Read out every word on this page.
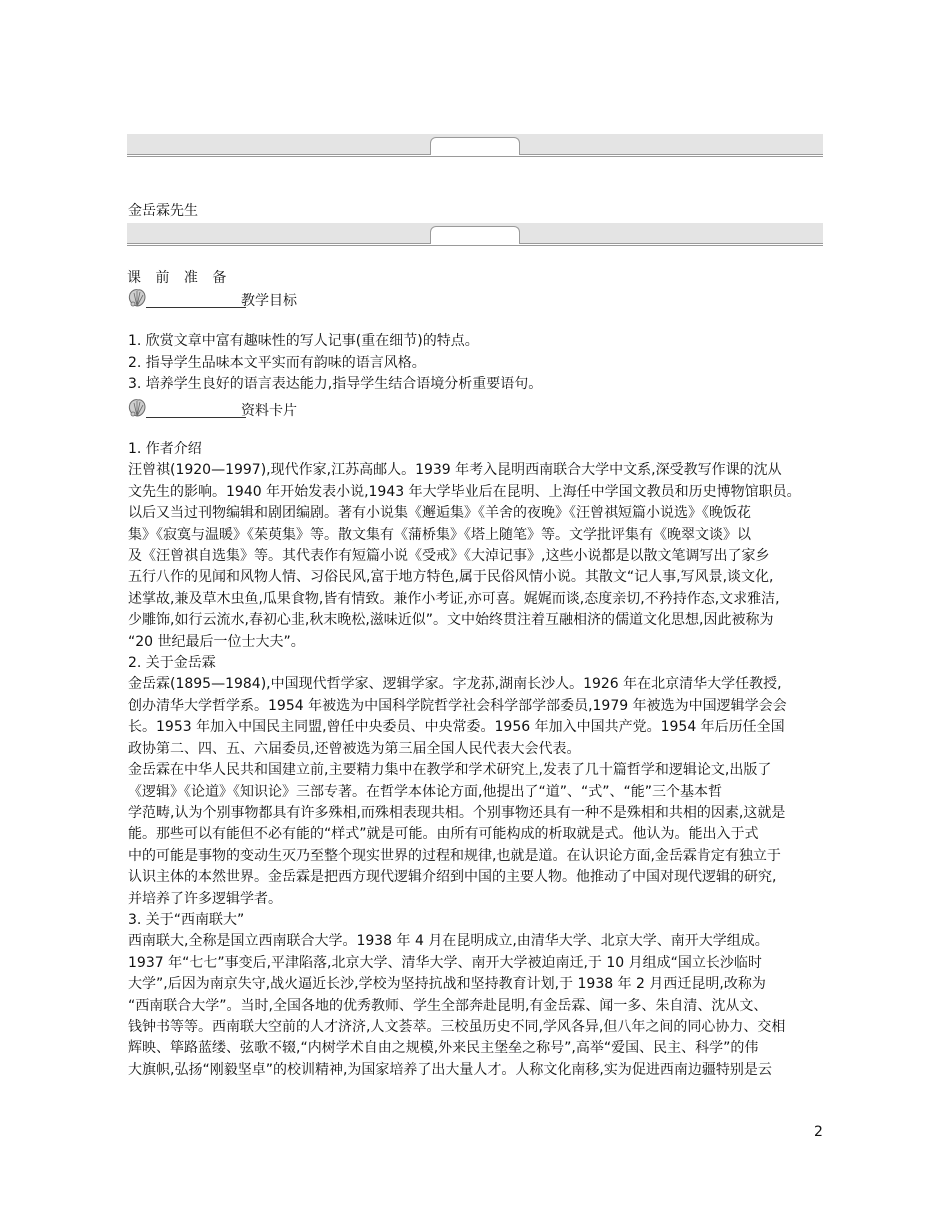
金岳霖先生
课 前 准 备
教学目标
1. 欣赏文章中富有趣味性的写人记事(重在细节)的特点。
2. 指导学生品味本文平实而有韵味的语言风格。
3. 培养学生良好的语言表达能力,指导学生结合语境分析重要语句。
资料卡片
1. 作者介绍
汪曾祺(1920—1997),现代作家,江苏高邮人。1939 年考入昆明西南联合大学中文系,深受教写作课的沈从
文先生的影响。1940 年开始发表小说,1943 年大学毕业后在昆明、上海任中学国文教员和历史博物馆职员。
以后又当过刊物编辑和剧团编剧。著有小说集《邂逅集》《羊舍的夜晚》《汪曾祺短篇小说选》《晚饭花
集》《寂寞与温暖》《茱萸集》等。散文集有《蒲桥集》《塔上随笔》等。文学批评集有《晚翠文谈》以
及《汪曾祺自选集》等。其代表作有短篇小说《受戒》《大淖记事》,这些小说都是以散文笔调写出了家乡
五行八作的见闻和风物人情、习俗民风,富于地方特色,属于民俗风情小说。其散文“记人事,写风景,谈文化,
述掌故,兼及草木虫鱼,瓜果食物,皆有情致。兼作小考证,亦可喜。娓娓而谈,态度亲切,不矜持作态,文求雅洁,
少雕饰,如行云流水,春初心韭,秋末晚松,滋味近似”。文中始终贯注着互融相济的儒道文化思想,因此被称为
“20 世纪最后一位士大夫”。
2. 关于金岳霖
金岳霖(1895—1984),中国现代哲学家、逻辑学家。字龙荪,湖南长沙人。1926 年在北京清华大学任教授,
创办清华大学哲学系。1954 年被选为中国科学院哲学社会科学部学部委员,1979 年被选为中国逻辑学会会
长。1953 年加入中国民主同盟,曾任中央委员、中央常委。1956 年加入中国共产党。1954 年后历任全国
政协第二、四、五、六届委员,还曾被选为第三届全国人民代表大会代表。
金岳霖在中华人民共和国建立前,主要精力集中在教学和学术研究上,发表了几十篇哲学和逻辑论文,出版了
《逻辑》《论道》《知识论》三部专著。在哲学本体论方面,他提出了“道”、“式”、“能”三个基本哲
学范畴,认为个别事物都具有许多殊相,而殊相表现共相。个别事物还具有一种不是殊相和共相的因素,这就是
能。那些可以有能但不必有能的“样式”就是可能。由所有可能构成的析取就是式。他认为。能出入于式
中的可能是事物的变动生灭乃至整个现实世界的过程和规律,也就是道。在认识论方面,金岳霖肯定有独立于
认识主体的本然世界。金岳霖是把西方现代逻辑介绍到中国的主要人物。他推动了中国对现代逻辑的研究,
并培养了许多逻辑学者。
3. 关于“西南联大”
西南联大,全称是国立西南联合大学。1938 年 4 月在昆明成立,由清华大学、北京大学、南开大学组成。
1937 年“七七”事变后,平津陷落,北京大学、清华大学、南开大学被迫南迁,于 10 月组成“国立长沙临时
大学”,后因为南京失守,战火逼近长沙,学校为坚持抗战和坚持教育计划,于 1938 年 2 月西迁昆明,改称为
“西南联合大学”。当时,全国各地的优秀教师、学生全部奔赴昆明,有金岳霖、闻一多、朱自清、沈从文、
钱钟书等等。西南联大空前的人才济济,人文荟萃。三校虽历史不同,学风各异,但八年之间的同心协力、交相
辉映、筚路蓝缕、弦歌不辍,“内树学术自由之规模,外来民主堡垒之称号”,高举“爱国、民主、科学”的伟
大旗帜,弘扬“刚毅坚卓”的校训精神,为国家培养了出大量人才。人称文化南移,实为促进西南边疆特别是云
2
